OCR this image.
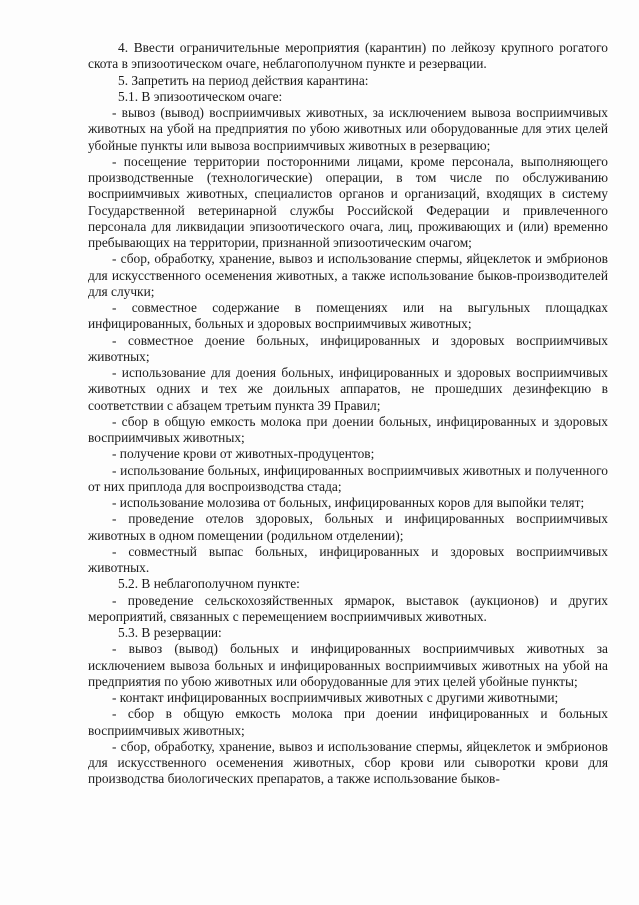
4. Ввести ограничительные мероприятия (карантин) по лейкозу крупного рогатого скота в эпизоотическом очаге, неблагополучном пункте и резервации.

5. Запретить на период действия карантина:

5.1. В эпизоотическом очаге:

- вывоз (вывод) восприимчивых животных, за исключением вывоза восприимчивых животных на убой на предприятия по убою животных или оборудованные для этих целей убойные пункты или вывоза восприимчивых животных в резервацию;

- посещение территории посторонними лицами, кроме персонала, выполняющего производственные (технологические) операции, в том числе по обслуживанию восприимчивых животных, специалистов органов и организаций, входящих в систему Государственной ветеринарной службы Российской Федерации и привлеченного персонала для ликвидации эпизоотического очага, лиц, проживающих и (или) временно пребывающих на территории, признанной эпизоотическим очагом;

- сбор, обработку, хранение, вывоз и использование спермы, яйцеклеток и эмбрионов для искусственного осеменения животных, а также использование быков-производителей для случки;

- совместное содержание в помещениях или на выгульных площадках инфицированных, больных и здоровых восприимчивых животных;

- совместное доение больных, инфицированных и здоровых восприимчивых животных;

- использование для доения больных, инфицированных и здоровых восприимчивых животных одних и тех же доильных аппаратов, не прошедших дезинфекцию в соответствии с абзацем третьим пункта 39 Правил;

- сбор в общую емкость молока при доении больных, инфицированных и здоровых восприимчивых животных;

- получение крови от животных-продуцентов;

- использование больных, инфицированных восприимчивых животных и полученного от них приплода для воспроизводства стада;

- использование молозива от больных, инфицированных коров для выпойки телят;

- проведение отелов здоровых, больных и инфицированных восприимчивых животных в одном помещении (родильном отделении);

- совместный выпас больных, инфицированных и здоровых восприимчивых животных.

5.2. В неблагополучном пункте:

- проведение сельскохозяйственных ярмарок, выставок (аукционов) и других мероприятий, связанных с перемещением восприимчивых животных.

5.3. В резервации:

- вывоз (вывод) больных и инфицированных восприимчивых животных за исключением вывоза больных и инфицированных восприимчивых животных на убой на предприятия по убою животных или оборудованные для этих целей убойные пункты;

- контакт инфицированных восприимчивых животных с другими животными;

- сбор в общую емкость молока при доении инфицированных и больных восприимчивых животных;

- сбор, обработку, хранение, вывоз и использование спермы, яйцеклеток и эмбрионов для искусственного осеменения животных, сбор крови или сыворотки крови для производства биологических препаратов, а также использование быков-
